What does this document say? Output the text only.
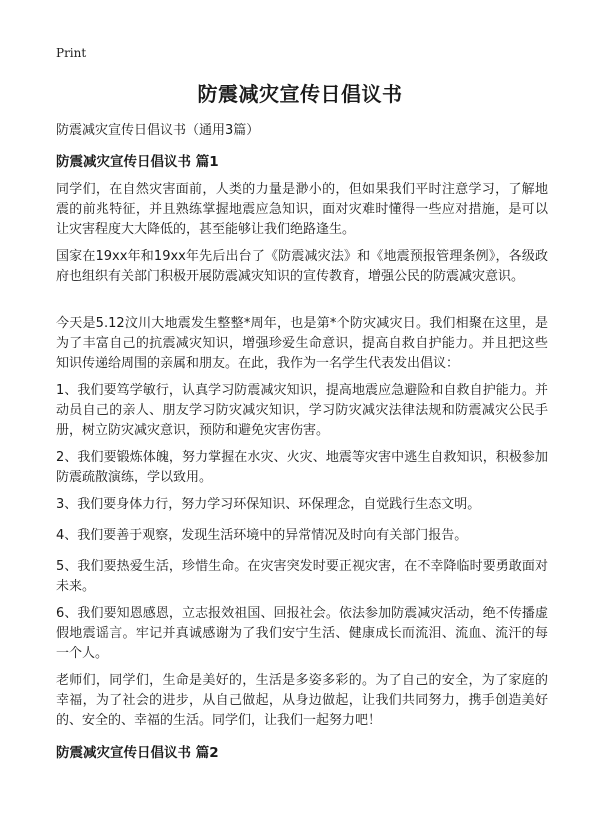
Print
防震减灾宣传日倡议书

防震减灾宣传日倡议书（通用3篇）

防震减灾宣传日倡议书 篇1

同学们，在自然灾害面前，人类的力量是渺小的，但如果我们平时注意学习，了解地震的前兆特征，并且熟练掌握地震应急知识，面对灾难时懂得一些应对措施，是可以让灾害程度大大降低的，甚至能够让我们绝路逢生。

国家在19xx年和19xx年先后出台了《防震减灾法》和《地震预报管理条例》，各级政府也组织有关部门积极开展防震减灾知识的宣传教育，增强公民的防震减灾意识。

今天是5.12汶川大地震发生整整*周年，也是第*个防灾减灾日。我们相聚在这里，是为了丰富自己的抗震减灾知识，增强珍爱生命意识，提高自救自护能力。并且把这些知识传递给周围的亲属和朋友。在此，我作为一名学生代表发出倡议：

1、我们要笃学敏行，认真学习防震减灾知识，提高地震应急避险和自救自护能力。并动员自己的亲人、朋友学习防灾减灾知识，学习防灾减灾法律法规和防震减灾公民手册，树立防灾减灾意识，预防和避免灾害伤害。

2、我们要锻炼体魄，努力掌握在水灾、火灾、地震等灾害中逃生自救知识，积极参加防震疏散演练，学以致用。

3、我们要身体力行，努力学习环保知识、环保理念，自觉践行生态文明。

4、我们要善于观察，发现生活环境中的异常情况及时向有关部门报告。

5、我们要热爱生活，珍惜生命。在灾害突发时要正视灾害，在不幸降临时要勇敢面对未来。

6、我们要知恩感恩，立志报效祖国、回报社会。依法参加防震减灾活动，绝不传播虚假地震谣言。牢记并真诚感谢为了我们安宁生活、健康成长而流泪、流血、流汗的每一个人。

老师们，同学们，生命是美好的，生活是多姿多彩的。为了自己的安全，为了家庭的幸福，为了社会的进步，从自己做起，从身边做起，让我们共同努力，携手创造美好的、安全的、幸福的生活。同学们，让我们一起努力吧！

防震减灾宣传日倡议书 篇2
